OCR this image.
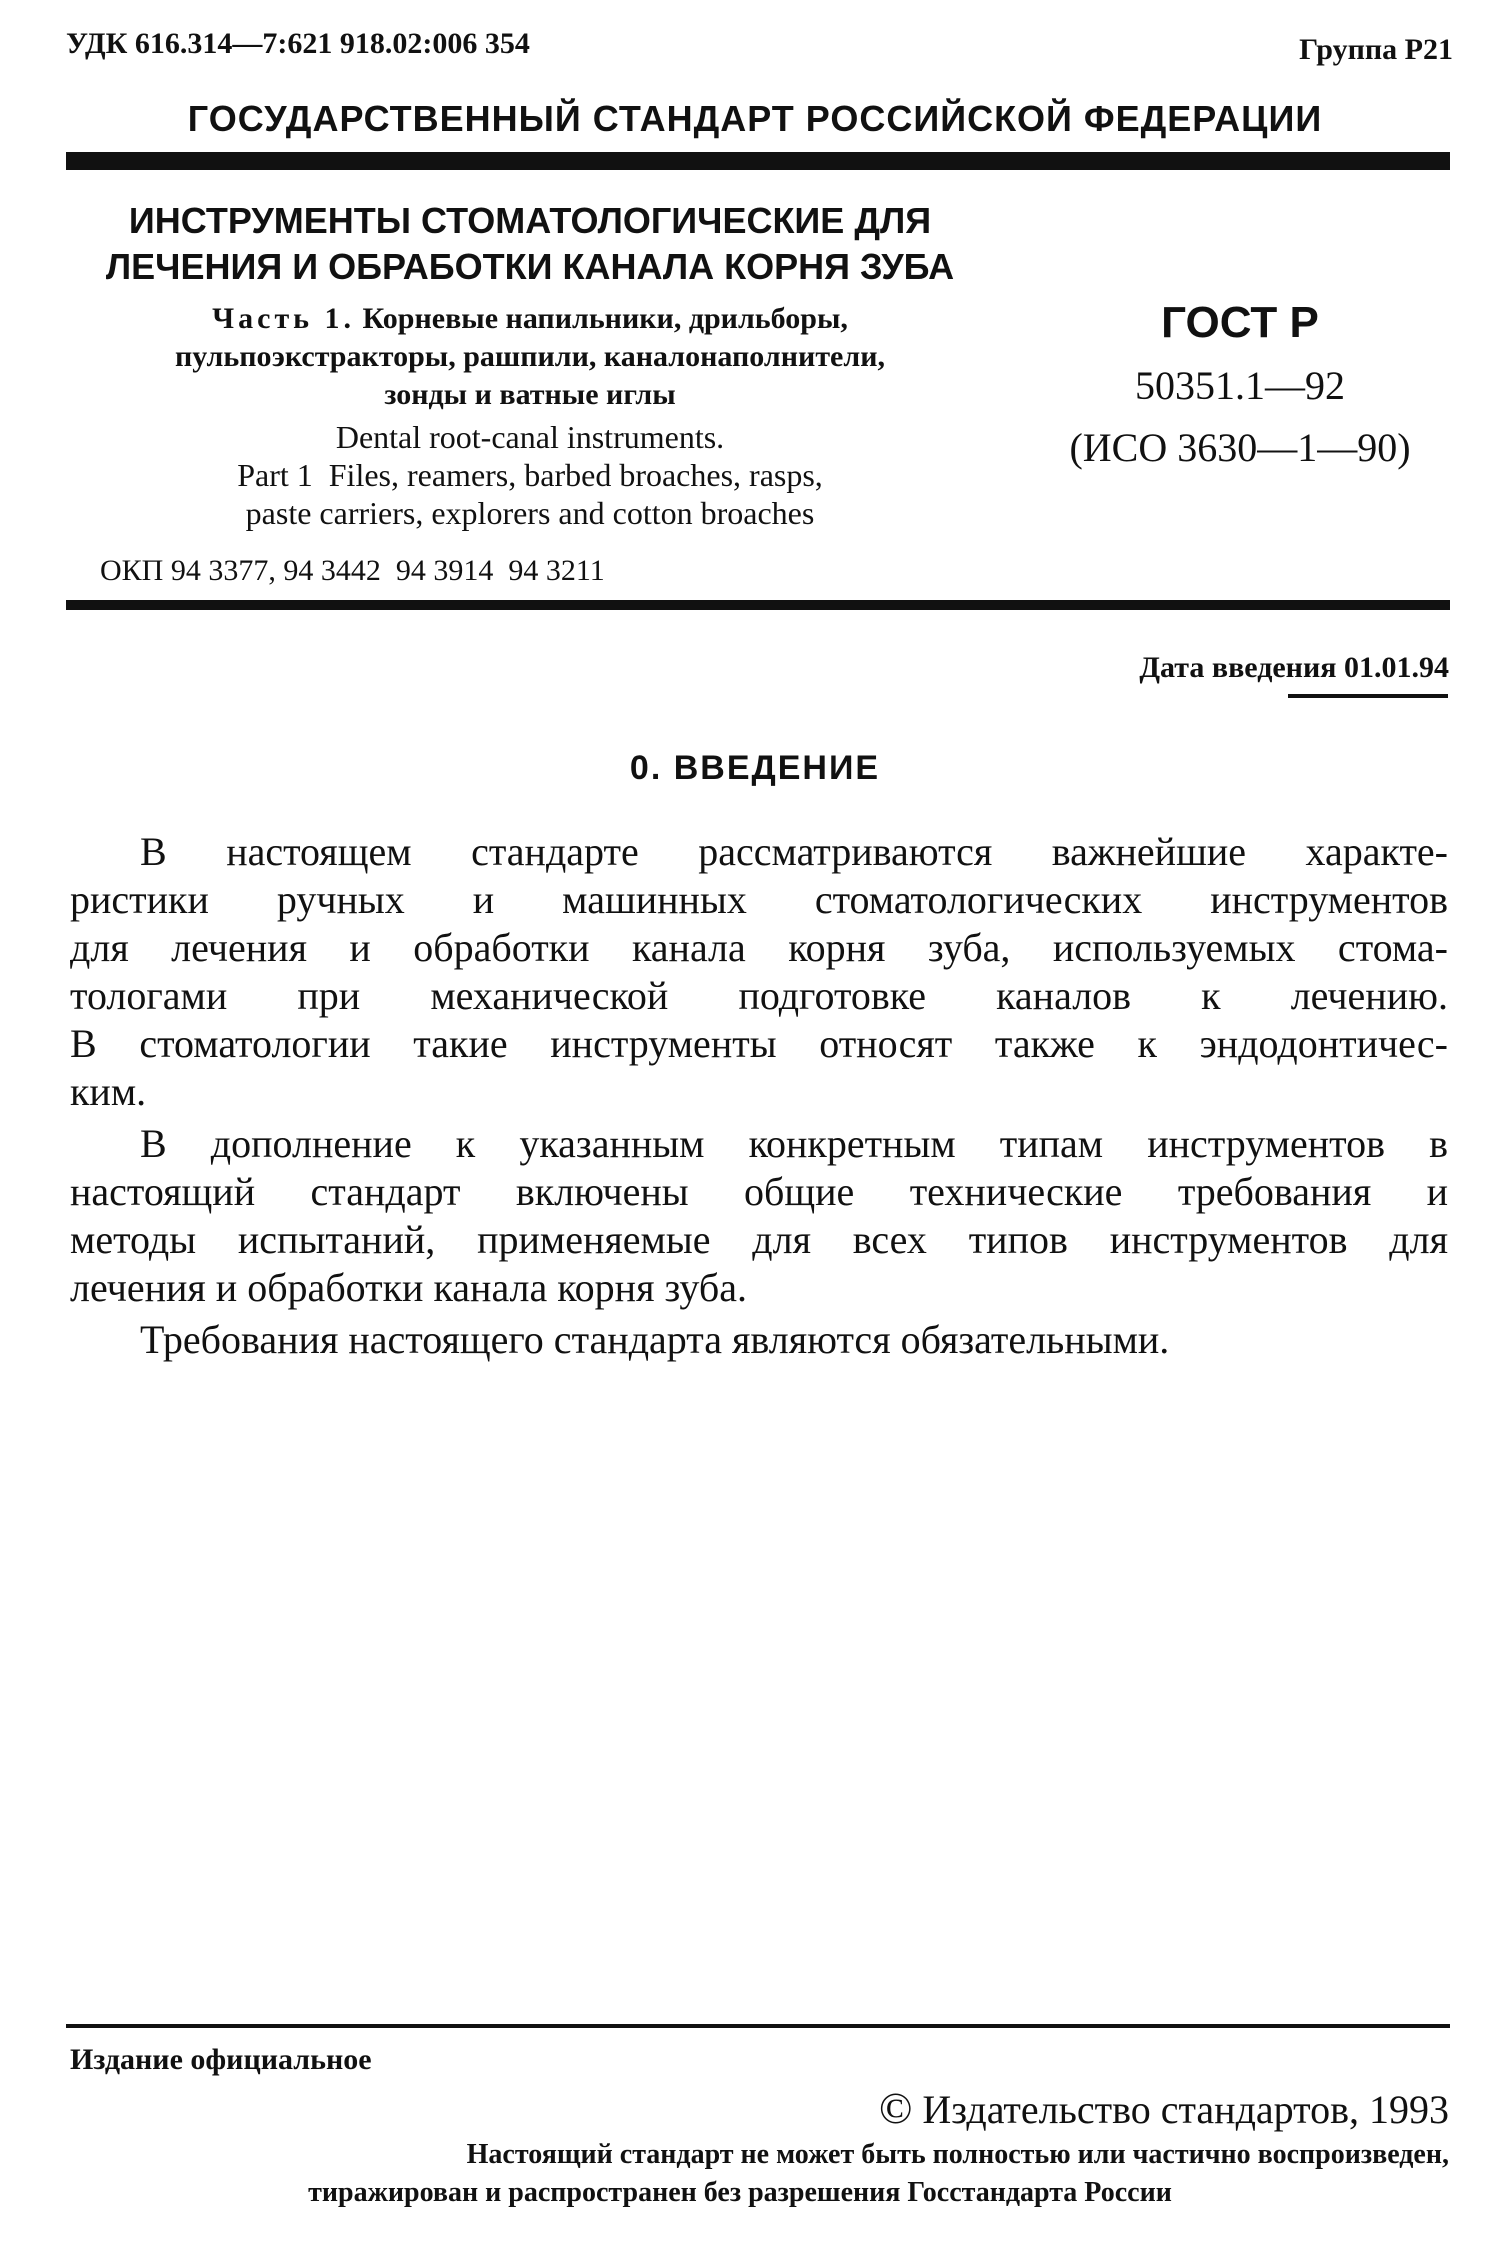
УДК 616.314—7:621 918.02:006 354	Группа Р21
ГОСУДАРСТВЕННЫЙ СТАНДАРТ РОССИЙСКОЙ ФЕДЕРАЦИИ
ИНСТРУМЕНТЫ СТОМАТОЛОГИЧЕСКИЕ ДЛЯ
ЛЕЧЕНИЯ И ОБРАБОТКИ КАНАЛА КОРНЯ ЗУБА
Часть 1. Корневые напильники, дрильборы,
пульпоэкстракторы, рашпили, каналонаполнители,
зонды и ватные иглы
Dental root-canal instruments.
Part 1  Files, reamers, barbed broaches, rasps,
paste carriers, explorers and cotton broaches
ОКП 94 3377, 94 3442  94 3914  94 3211
ГОСТ Р
50351.1—92
(ИСО 3630—1—90)
Дата введения 01.01.94
0. ВВЕДЕНИЕ
В настоящем стандарте рассматриваются важнейшие характе-
ристики ручных и машинных стоматологических инструментов
для лечения и обработки канала корня зуба, используемых стома-
тологами при механической подготовке каналов к лечению.
В стоматологии такие инструменты относят также к эндодонтичес-
ким.
В дополнение к указанным конкретным типам инструментов в
настоящий стандарт включены общие технические требования и
методы испытаний, применяемые для всех типов инструментов для
лечения и обработки канала корня зуба.
Требования настоящего стандарта являются обязательными.
Издание официальное
© Издательство стандартов, 1993
Настоящий стандарт не может быть полностью или частично воспроизведен,
тиражирован и распространен без разрешения Госстандарта России
